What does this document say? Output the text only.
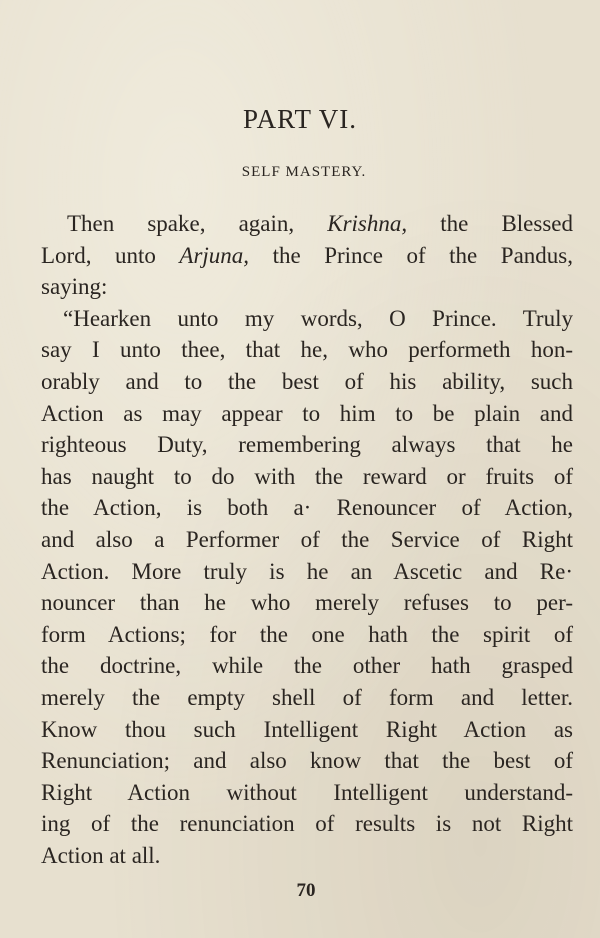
PART VI.
SELF MASTERY.
Then spake, again, Krishna, the Blessed
Lord, unto Arjuna, the Prince of the Pandus,
saying:
“Hearken unto my words, O Prince. Truly
say I unto thee, that he, who performeth hon-
orably and to the best of his ability, such
Action as may appear to him to be plain and
righteous Duty, remembering always that he
has naught to do with the reward or fruits of
the Action, is both a· Renouncer of Action,
and also a Performer of the Service of Right
Action. More truly is he an Ascetic and Re·
nouncer than he who merely refuses to per-
form Actions; for the one hath the spirit of
the doctrine, while the other hath grasped
merely the empty shell of form and letter.
Know thou such Intelligent Right Action as
Renunciation; and also know that the best of
Right Action without Intelligent understand-
ing of the renunciation of results is not Right
Action at all.
70
